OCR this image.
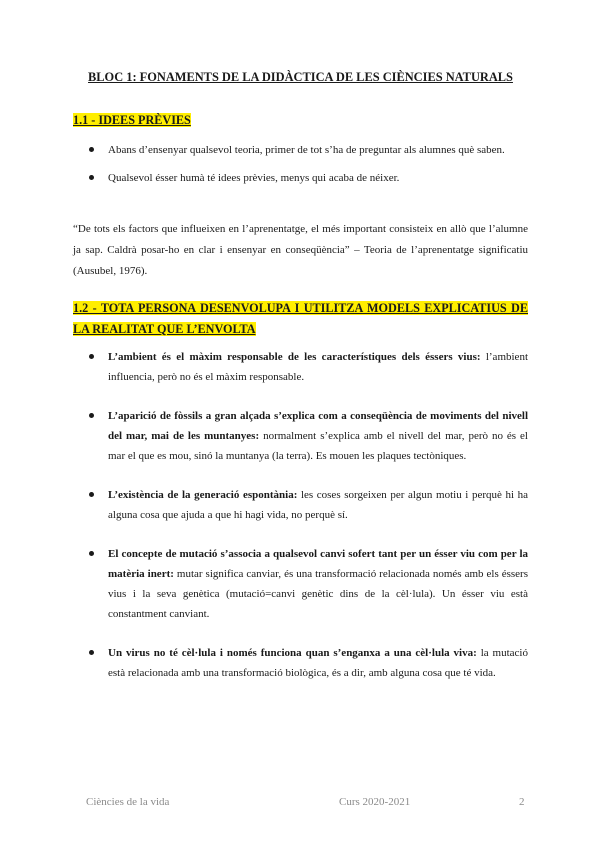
BLOC 1: FONAMENTS DE LA DIDÀCTICA DE LES CIÈNCIES NATURALS
1.1 - IDEES PRÈVIES
Abans d’ensenyar qualsevol teoria, primer de tot s’ha de preguntar als alumnes què saben.
Qualsevol ésser humà té idees prèvies, menys qui acaba de néixer.
“De tots els factors que influeixen en l’aprenentatge, el més important consisteix en allò que l’alumne ja sap. Caldrà posar-ho en clar i ensenyar en conseqüència” – Teoria de l’aprenentatge significatiu (Ausubel, 1976).
1.2 - TOTA PERSONA DESENVOLUPA I UTILITZA MODELS EXPLICATIUS DE LA REALITAT QUE L’ENVOLTA
L’ambient és el màxim responsable de les característiques dels éssers vius: l’ambient influencia, però no és el màxim responsable.
L’aparició de fòssils a gran alçada s’explica com a conseqüència de moviments del nivell del mar, mai de les muntanyes: normalment s’explica amb el nivell del mar, però no és el mar el que es mou, sinó la muntanya (la terra). Es mouen les plaques tectòniques.
L’existència de la generació espontània: les coses sorgeixen per algun motiu i perquè hi ha alguna cosa que ajuda a que hi hagi vida, no perquè sí.
El concepte de mutació s’associa a qualsevol canvi sofert tant per un ésser viu com per la matèria inert: mutar significa canviar, és una transformació relacionada només amb els éssers vius i la seva genètica (mutació=canvi genètic dins de la cèl·lula). Un ésser viu està constantment canviant.
Un virus no té cèl·lula i només funciona quan s’enganxa a una cèl·lula viva: la mutació està relacionada amb una transformació biològica, és a dir, amb alguna cosa que té vida.
Ciències de la vida	Curs 2020-2021	2
